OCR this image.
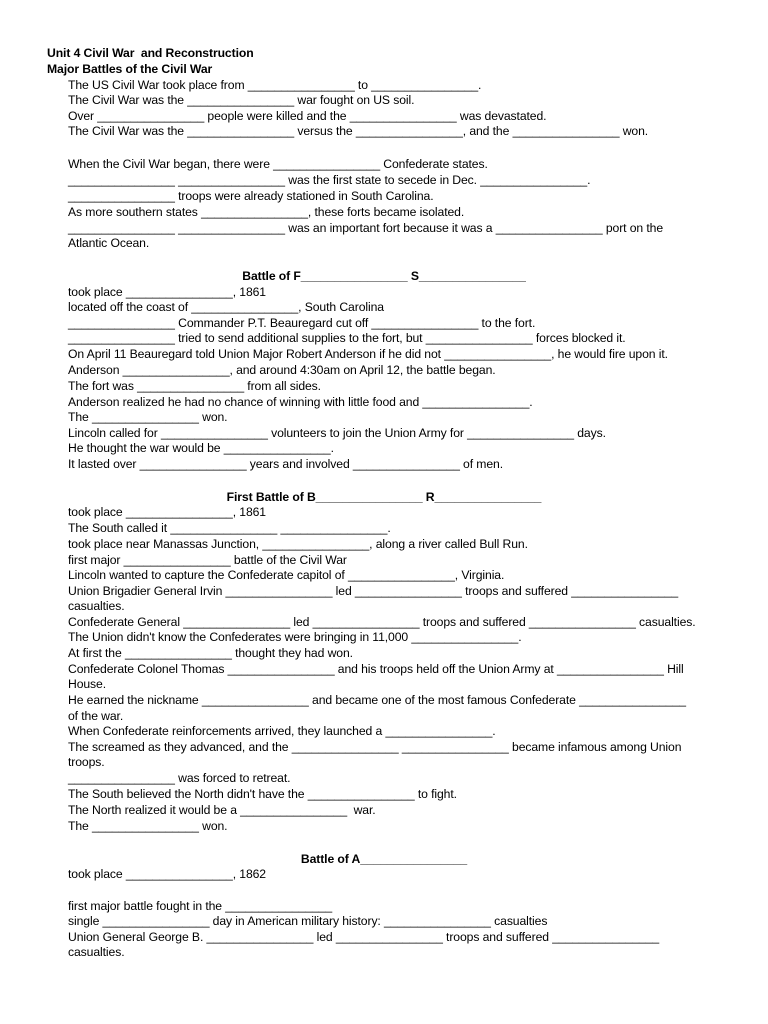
Unit 4 Civil War  and Reconstruction
Major Battles of the Civil War
The US Civil War took place from ________________ to ________________.
The Civil War was the ________________ war fought on US soil.
Over ________________ people were killed and the ________________ was devastated.
The Civil War was the ________________ versus the ________________, and the ________________ won.
When the Civil War began, there were ________________ Confederate states.
________________ ________________ was the first state to secede in Dec. ________________.
________________ troops were already stationed in South Carolina.
As more southern states ________________, these forts became isolated.
________________ ________________ was an important fort because it was a ________________ port on the
Atlantic Ocean.
Battle of F________________ S________________
took place ________________, 1861
located off the coast of ________________, South Carolina
________________ Commander P.T. Beauregard cut off ________________ to the fort.
________________ tried to send additional supplies to the fort, but ________________ forces blocked it.
On April 11 Beauregard told Union Major Robert Anderson if he did not ________________, he would fire upon it.
Anderson ________________, and around 4:30am on April 12, the battle began.
The fort was ________________ from all sides.
Anderson realized he had no chance of winning with little food and ________________.
The ________________ won.
Lincoln called for ________________ volunteers to join the Union Army for ________________ days.
He thought the war would be ________________.
It lasted over ________________ years and involved ________________ of men.
First Battle of B________________ R________________
took place ________________, 1861
The South called it ________________ ________________.
took place near Manassas Junction, ________________, along a river called Bull Run.
first major ________________ battle of the Civil War
Lincoln wanted to capture the Confederate capitol of ________________, Virginia.
Union Brigadier General Irvin ________________ led ________________ troops and suffered ________________
casualties.
Confederate General ________________ led ________________ troops and suffered ________________ casualties.
The Union didn't know the Confederates were bringing in 11,000 ________________.
At first the ________________ thought they had won.
Confederate Colonel Thomas ________________ and his troops held off the Union Army at ________________ Hill
House.
He earned the nickname ________________ and became one of the most famous Confederate ________________
of the war.
When Confederate reinforcements arrived, they launched a ________________.
The screamed as they advanced, and the ________________ ________________ became infamous among Union
troops.
________________ was forced to retreat.
The South believed the North didn't have the ________________ to fight.
The North realized it would be a ________________  war.
The ________________ won.
Battle of A________________
took place ________________, 1862
first major battle fought in the ________________
single ________________ day in American military history: ________________ casualties
Union General George B. ________________ led ________________ troops and suffered ________________
casualties.
